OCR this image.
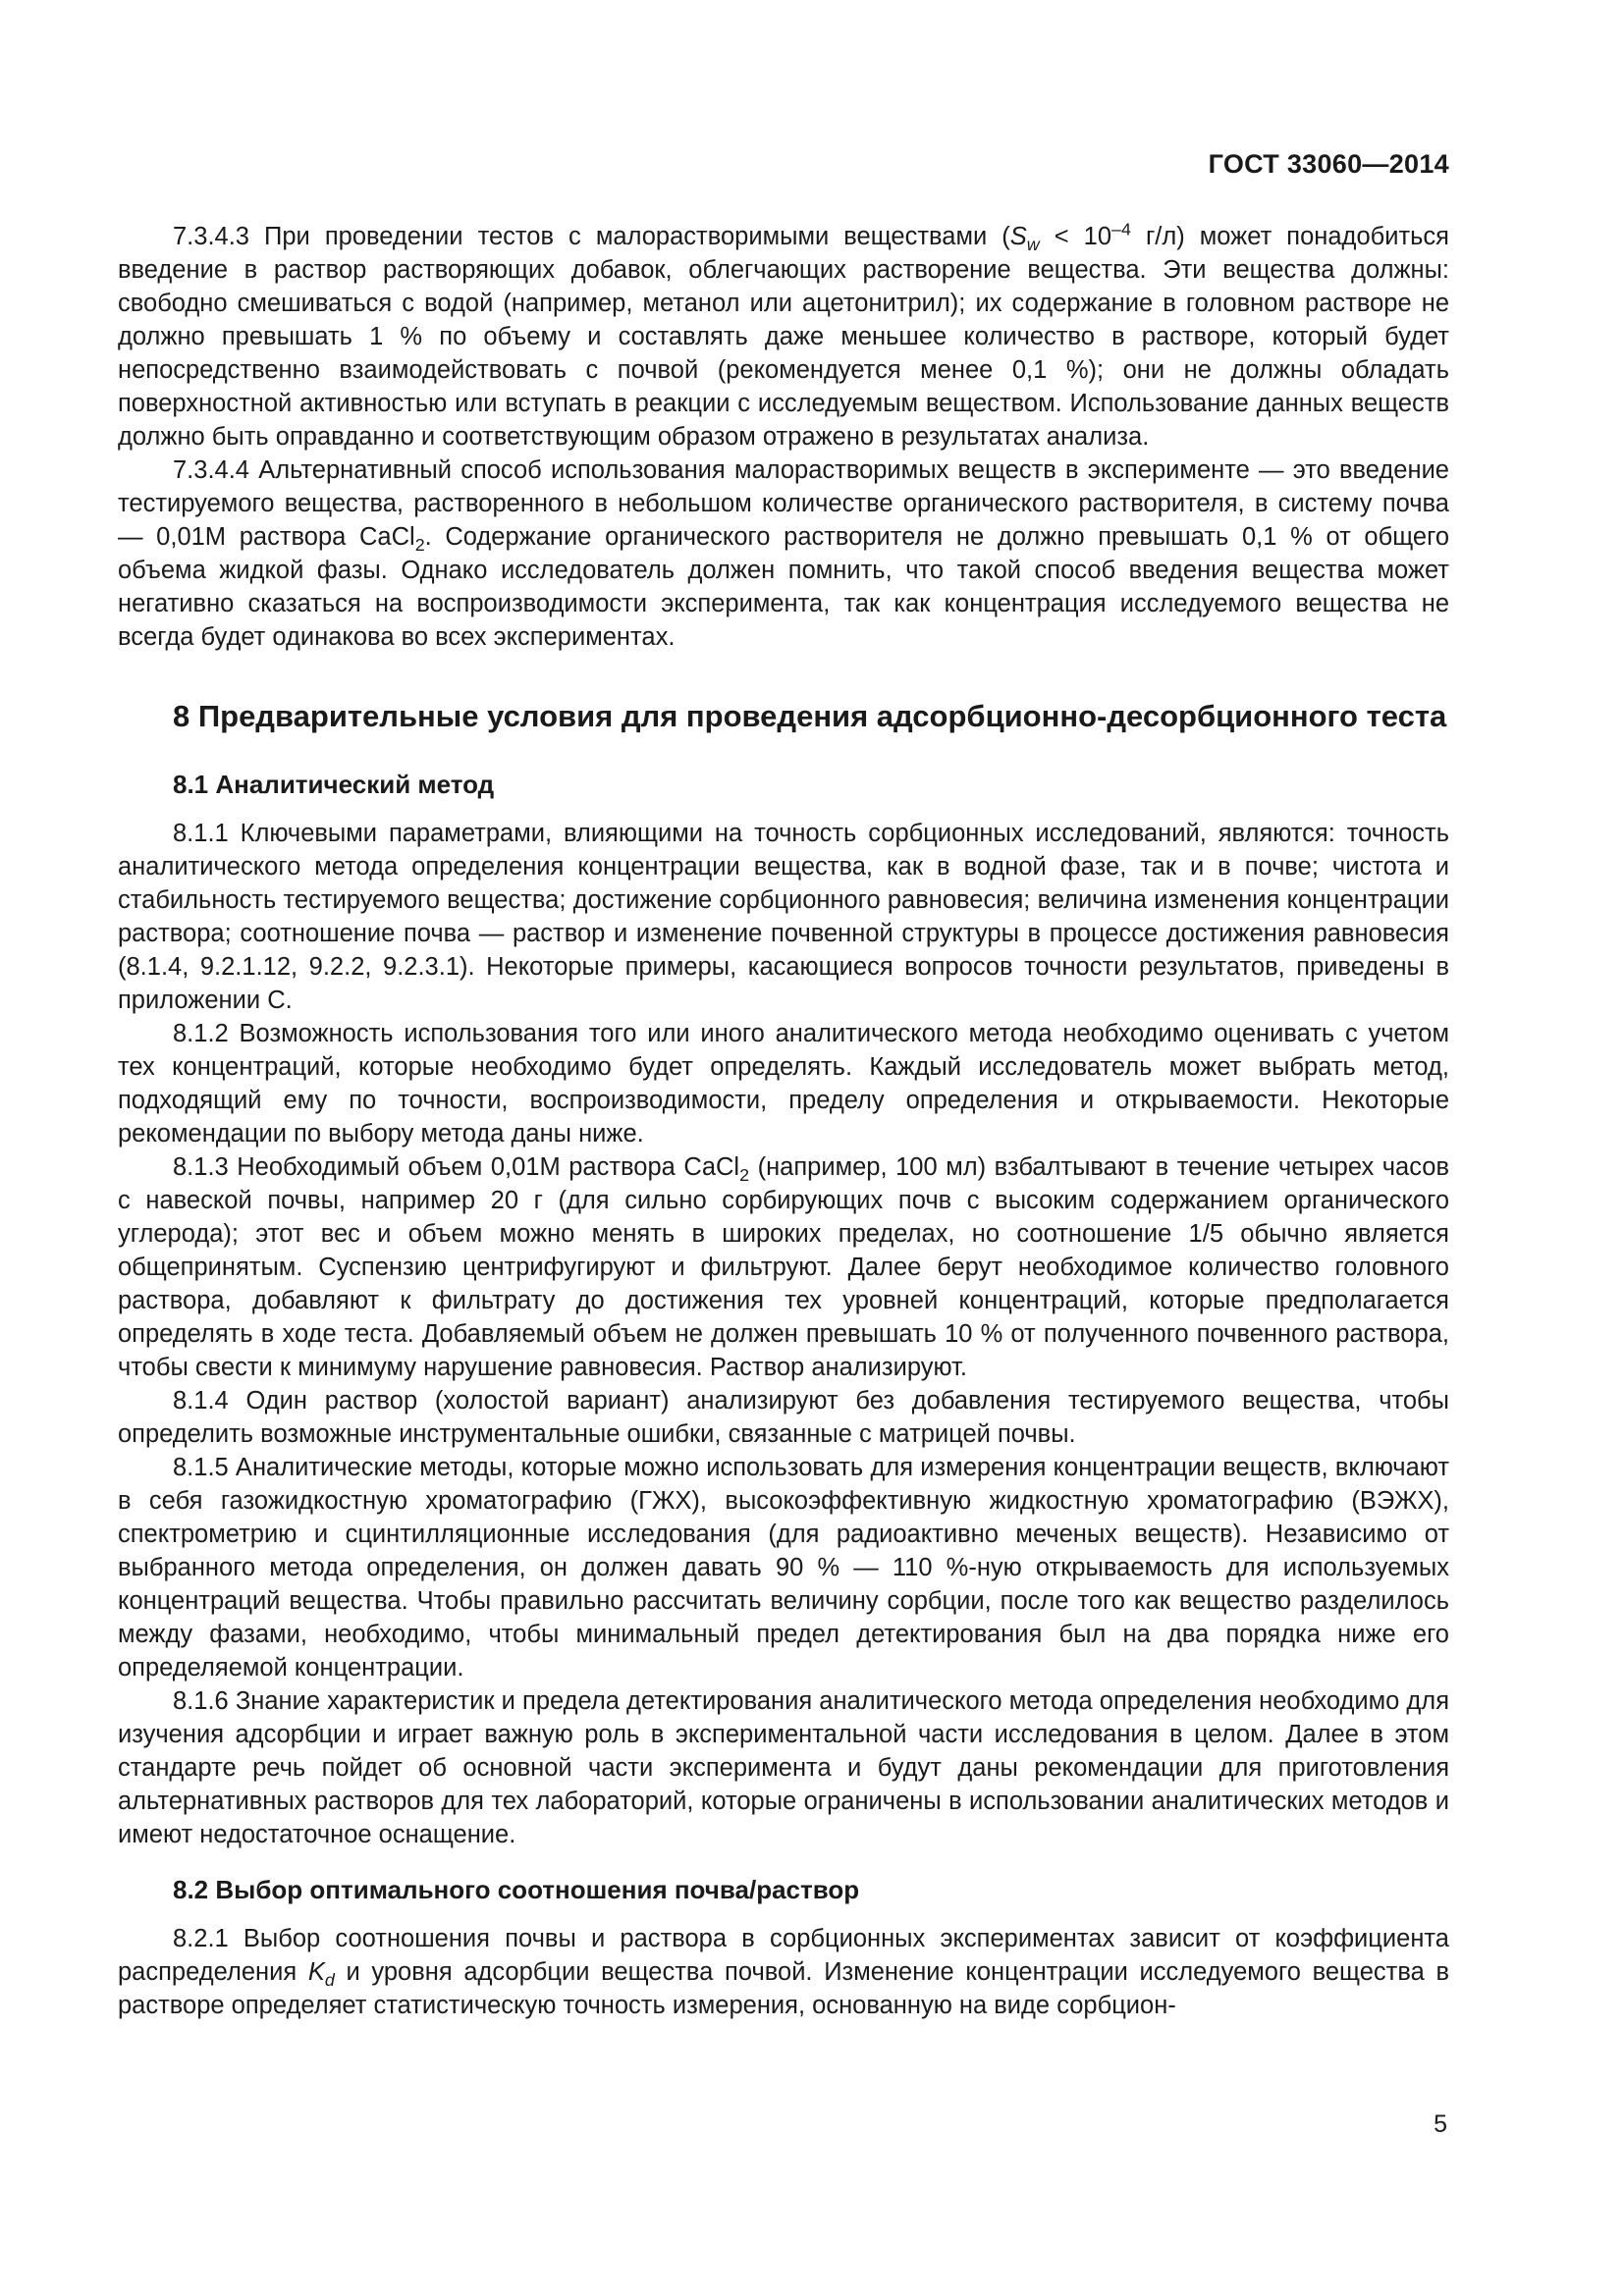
ГОСТ 33060—2014

7.3.4.3 При проведении тестов с малорастворимыми веществами ($S_w < 10^{-4}$ г/л) может понадобиться введение в раствор растворяющих добавок, облегчающих растворение вещества. Эти вещества должны: свободно смешиваться с водой (например, метанол или ацетонитрил); их содержание в головном растворе не должно превышать 1 % по объему и составлять даже меньшее количество в растворе, который будет непосредственно взаимодействовать с почвой (рекомендуется менее 0,1 %); они не должны обладать поверхностной активностью или вступать в реакции с исследуемым веществом. Использование данных веществ должно быть оправданно и соответствующим образом отражено в результатах анализа.

7.3.4.4 Альтернативный способ использования малорастворимых веществ в эксперименте — это введение тестируемого вещества, растворенного в небольшом количестве органического растворителя, в систему почва — 0,01М раствора CaCl$_2$. Содержание органического растворителя не должно превышать 0,1 % от общего объема жидкой фазы. Однако исследователь должен помнить, что такой способ введения вещества может негативно сказаться на воспроизводимости эксперимента, так как концентрация исследуемого вещества не всегда будет одинакова во всех экспериментах.

8 Предварительные условия для проведения адсорбционно-десорбционного теста
8.1 Аналитический метод

8.1.1 Ключевыми параметрами, влияющими на точность сорбционных исследований, являются: точность аналитического метода определения концентрации вещества, как в водной фазе, так и в почве; чистота и стабильность тестируемого вещества; достижение сорбционного равновесия; величина изменения концентрации раствора; соотношение почва — раствор и изменение почвенной структуры в процессе достижения равновесия (8.1.4, 9.2.1.12, 9.2.2, 9.2.3.1). Некоторые примеры, касающиеся вопросов точности результатов, приведены в приложении С.

8.1.2 Возможность использования того или иного аналитического метода необходимо оценивать с учетом тех концентраций, которые необходимо будет определять. Каждый исследователь может выбрать метод, подходящий ему по точности, воспроизводимости, пределу определения и открываемости. Некоторые рекомендации по выбору метода даны ниже.

8.1.3 Необходимый объем 0,01М раствора CaCl$_2$ (например, 100 мл) взбалтывают в течение четырех часов с навеской почвы, например 20 г (для сильно сорбирующих почв с высоким содержанием органического углерода); этот вес и объем можно менять в широких пределах, но соотношение 1/5 обычно является общепринятым. Суспензию центрифугируют и фильтруют. Далее берут необходимое количество головного раствора, добавляют к фильтрату до достижения тех уровней концентраций, которые предполагается определять в ходе теста. Добавляемый объем не должен превышать 10 % от полученного почвенного раствора, чтобы свести к минимуму нарушение равновесия. Раствор анализируют.

8.1.4 Один раствор (холостой вариант) анализируют без добавления тестируемого вещества, чтобы определить возможные инструментальные ошибки, связанные с матрицей почвы.

8.1.5 Аналитические методы, которые можно использовать для измерения концентрации веществ, включают в себя газожидкостную хроматографию (ГЖХ), высокоэффективную жидкостную хроматографию (ВЭЖХ), спектрометрию и сцинтилляционные исследования (для радиоактивно меченых веществ). Независимо от выбранного метода определения, он должен давать 90 % — 110 %-ную открываемость для используемых концентраций вещества. Чтобы правильно рассчитать величину сорбции, после того как вещество разделилось между фазами, необходимо, чтобы минимальный предел детектирования был на два порядка ниже его определяемой концентрации.

8.1.6 Знание характеристик и предела детектирования аналитического метода определения необходимо для изучения адсорбции и играет важную роль в экспериментальной части исследования в целом. Далее в этом стандарте речь пойдет об основной части эксперимента и будут даны рекомендации для приготовления альтернативных растворов для тех лабораторий, которые ограничены в использовании аналитических методов и имеют недостаточное оснащение.

8.2 Выбор оптимального соотношения почва/раствор

8.2.1 Выбор соотношения почвы и раствора в сорбционных экспериментах зависит от коэффициента распределения $K_d$ и уровня адсорбции вещества почвой. Изменение концентрации исследуемого вещества в растворе определяет статистическую точность измерения, основанную на виде сорбцион-

5
